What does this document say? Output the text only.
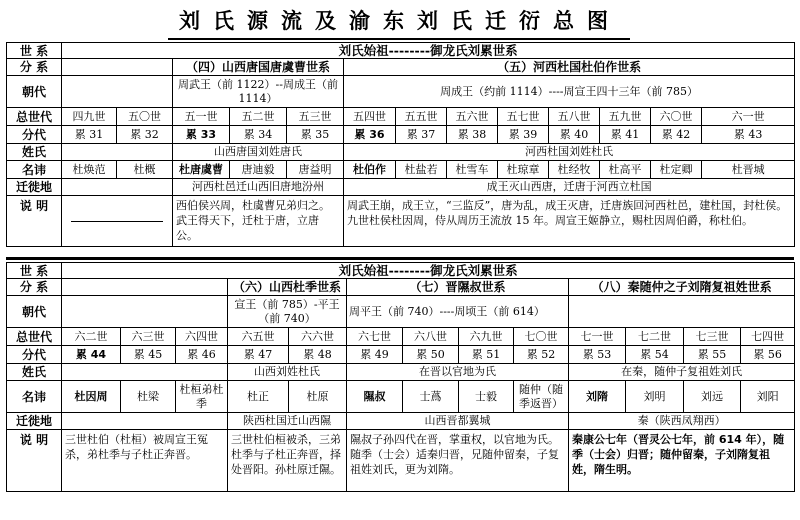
刘氏源流及渝东刘氏迁衍总图
世 系	刘氏始祖--------御龙氏刘累世系												
分 系			（四）山西唐国唐虞曹世系			（五）河西杜国杜伯作世系							
朝代			周武王（前 1122）--周成王（前 1114）			周成王（约前 1114）----周宣王四十三年（前 785）							
总世代	四九世	五〇世	五一世	五二世	五三世	五四世	五五世	五六世	五七世	五八世	五九世	六〇世	六一世
分代	累 31	累 32	累 33	累 34	累 35	累 36	累 37	累 38	累 39	累 40	累 41	累 42	累 43
姓氏			山西唐国刘姓唐氏			河西杜国刘姓杜氏							
名讳	杜焕范	杜概	杜唐虞曹	唐迪毅	唐益明	杜伯作	杜盐若	杜雪车	杜琼章	杜经牧	杜高平	杜定卿	杜晋城
迁徙地			河西杜邑迁山西旧唐地汾州			成王灭山西唐，迁唐于河西立杜国							
说 明			西伯侯兴周，杜虞曹兄弟归之。武王得天下，迁杜于唐，立唐公。			周武王崩，成王立，“三监反”，唐为乱，成王灭唐，迁唐族回河西杜邑，建杜国，封杜侯。九世杜侯杜因周，侍从周历王流放 15 年。周宣王姬静立，赐杜因周伯爵，称杜伯。							
世 系	刘氏始祖--------御龙氏刘累世系												
分 系				（六）山西杜季世系		（七）晋隰叔世系				（八）秦随仲之子刘隋复祖姓世系			
朝代				宣王（前 785）-平王（前 740）		周平王（前 740）----周顷王（前 614）							
总世代	六二世	六三世	六四世	六五世	六六世	六七世	六八世	六九世	七〇世	七一世	七二世	七三世	七四世
分代	累 44	累 45	累 46	累 47	累 48	累 49	累 50	累 51	累 52	累 53	累 54	累 55	累 56
姓氏				山西刘姓杜氏		在晋以官地为氏				在秦，随仲子复祖姓刘氏			
名讳	杜因周	杜梁	杜桓弟杜季	杜正	杜原	隰叔	士蔿	士毅	随仲（随季返晋）	刘隋	刘明	刘远	刘阳
迁徙地				陕西杜国迁山西隰		山西晋都翼城				秦（陕西凤翔西）			
说 明	三世杜伯（杜桓）被周宣王冤杀，弟杜季与子杜正奔晋。			三世杜伯桓被杀，三弟杜季与子杜正奔晋，择处晋阳。孙杜原迁隰。		隰叔子孙四代在晋，掌重权，以官地为氏。随季（士会）适秦归晋，兄随仲留秦，子复祖姓刘氏，更为刘隋。				秦康公七年（晋灵公七年，前 614 年），随季（士会）归晋；随仲留秦，子刘隋复祖姓，隋生明。			
